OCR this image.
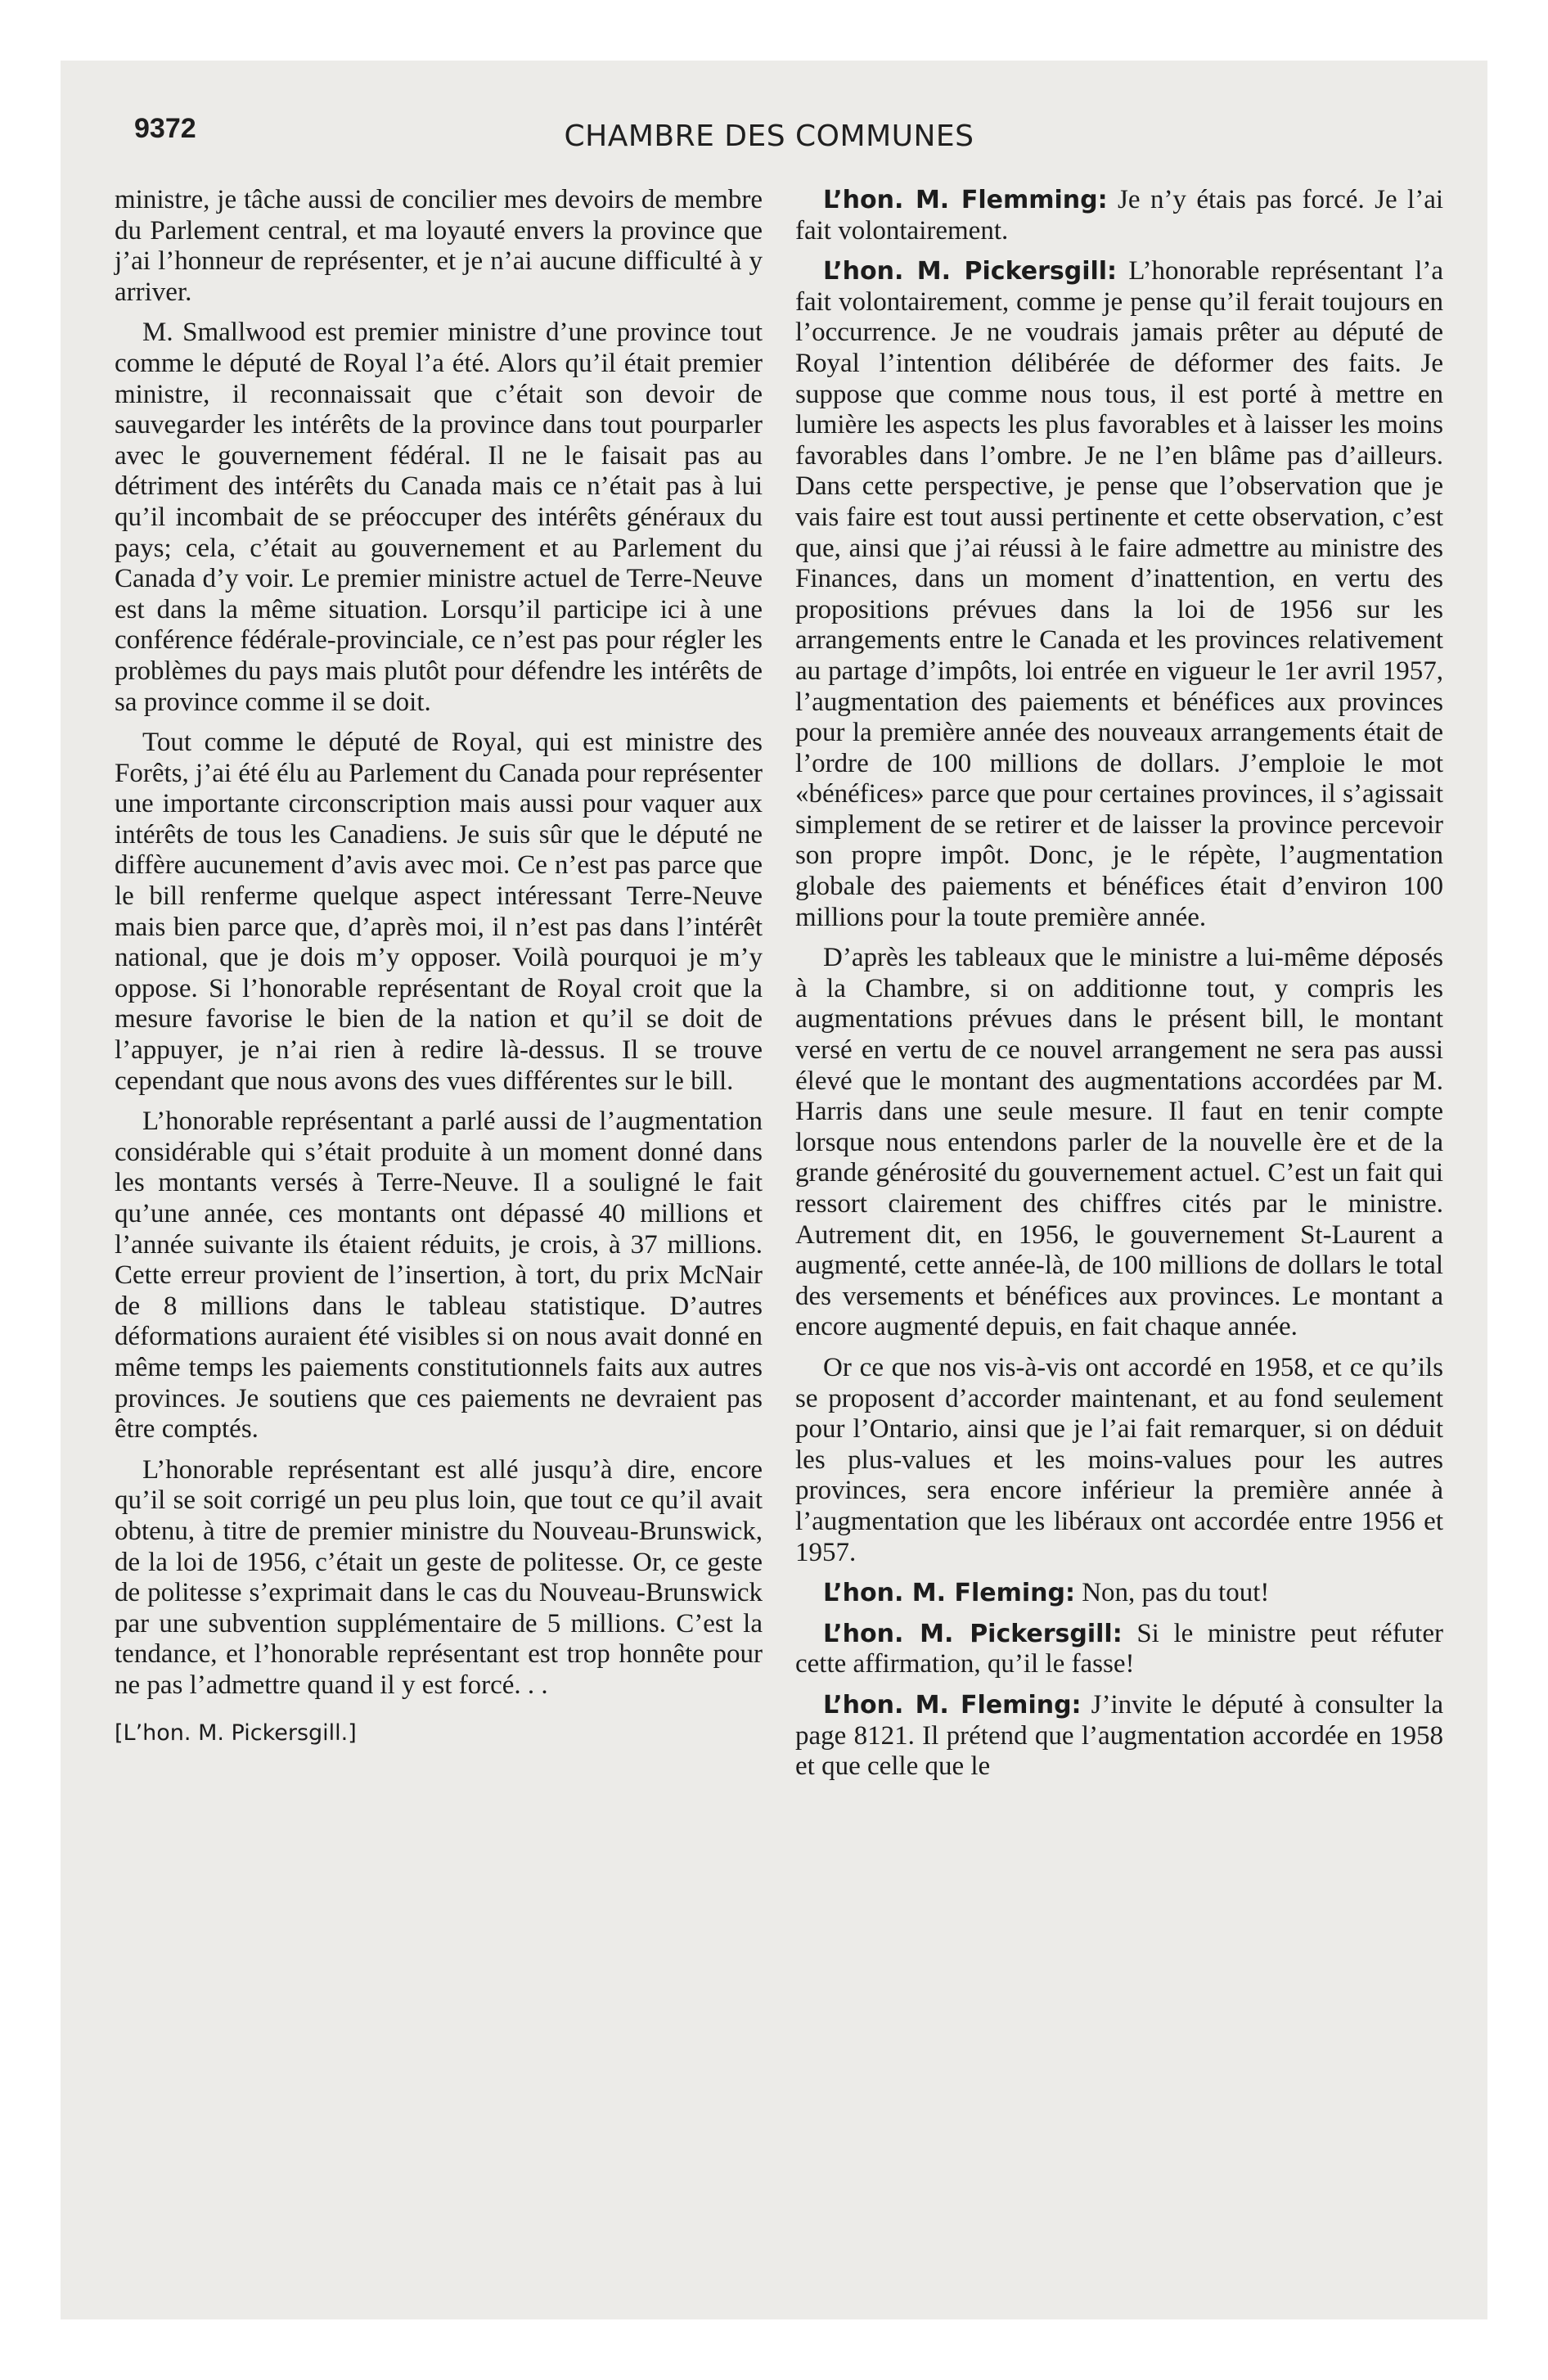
9372	CHAMBRE DES COMMUNES

ministre, je tâche aussi de concilier mes devoirs de membre du Parlement central, et ma loyauté envers la province que j’ai l’honneur de représenter, et je n’ai aucune difficulté à y arriver.

M. Smallwood est premier ministre d’une province tout comme le député de Royal l’a été. Alors qu’il était premier ministre, il reconnaissait que c’était son devoir de sauvegarder les intérêts de la province dans tout pourparler avec le gouvernement fédéral. Il ne le faisait pas au détriment des intérêts du Canada mais ce n’était pas à lui qu’il incombait de se préoccuper des intérêts généraux du pays; cela, c’était au gouvernement et au Parlement du Canada d’y voir. Le premier ministre actuel de Terre-Neuve est dans la même situation. Lorsqu’il participe ici à une conférence fédérale-provinciale, ce n’est pas pour régler les problèmes du pays mais plutôt pour défendre les intérêts de sa province comme il se doit.

Tout comme le député de Royal, qui est ministre des Forêts, j’ai été élu au Parlement du Canada pour représenter une importante circonscription mais aussi pour vaquer aux intérêts de tous les Canadiens. Je suis sûr que le député ne diffère aucunement d’avis avec moi. Ce n’est pas parce que le bill renferme quelque aspect intéressant Terre-Neuve mais bien parce que, d’après moi, il n’est pas dans l’intérêt national, que je dois m’y opposer. Voilà pourquoi je m’y oppose. Si l’honorable représentant de Royal croit que la mesure favorise le bien de la nation et qu’il se doit de l’appuyer, je n’ai rien à redire là-dessus. Il se trouve cependant que nous avons des vues différentes sur le bill.

L’honorable représentant a parlé aussi de l’augmentation considérable qui s’était produite à un moment donné dans les montants versés à Terre-Neuve. Il a souligné le fait qu’une année, ces montants ont dépassé 40 millions et l’année suivante ils étaient réduits, je crois, à 37 millions. Cette erreur provient de l’insertion, à tort, du prix McNair de 8 millions dans le tableau statistique. D’autres déformations auraient été visibles si on nous avait donné en même temps les paiements constitutionnels faits aux autres provinces. Je soutiens que ces paiements ne devraient pas être comptés.

L’honorable représentant est allé jusqu’à dire, encore qu’il se soit corrigé un peu plus loin, que tout ce qu’il avait obtenu, à titre de premier ministre du Nouveau-Brunswick, de la loi de 1956, c’était un geste de politesse. Or, ce geste de politesse s’exprimait dans le cas du Nouveau-Brunswick par une subvention supplémentaire de 5 millions. C’est la tendance, et l’honorable représentant est trop honnête pour ne pas l’admettre quand il y est forcé. . .

[L’hon. M. Pickersgill.]

L’hon. M. Flemming: Je n’y étais pas forcé. Je l’ai fait volontairement.

L’hon. M. Pickersgill: L’honorable représentant l’a fait volontairement, comme je pense qu’il ferait toujours en l’occurrence. Je ne voudrais jamais prêter au député de Royal l’intention délibérée de déformer des faits. Je suppose que comme nous tous, il est porté à mettre en lumière les aspects les plus favorables et à laisser les moins favorables dans l’ombre. Je ne l’en blâme pas d’ailleurs. Dans cette perspective, je pense que l’observation que je vais faire est tout aussi pertinente et cette observation, c’est que, ainsi que j’ai réussi à le faire admettre au ministre des Finances, dans un moment d’inattention, en vertu des propositions prévues dans la loi de 1956 sur les arrangements entre le Canada et les provinces relativement au partage d’impôts, loi entrée en vigueur le 1er avril 1957, l’augmentation des paiements et bénéfices aux provinces pour la première année des nouveaux arrangements était de l’ordre de 100 millions de dollars. J’emploie le mot «bénéfices» parce que pour certaines provinces, il s’agissait simplement de se retirer et de laisser la province percevoir son propre impôt. Donc, je le répète, l’augmentation globale des paiements et bénéfices était d’environ 100 millions pour la toute première année.

D’après les tableaux que le ministre a lui-même déposés à la Chambre, si on additionne tout, y compris les augmentations prévues dans le présent bill, le montant versé en vertu de ce nouvel arrangement ne sera pas aussi élevé que le montant des augmentations accordées par M. Harris dans une seule mesure. Il faut en tenir compte lorsque nous entendons parler de la nouvelle ère et de la grande générosité du gouvernement actuel. C’est un fait qui ressort clairement des chiffres cités par le ministre. Autrement dit, en 1956, le gouvernement St-Laurent a augmenté, cette année-là, de 100 millions de dollars le total des versements et bénéfices aux provinces. Le montant a encore augmenté depuis, en fait chaque année.

Or ce que nos vis-à-vis ont accordé en 1958, et ce qu’ils se proposent d’accorder maintenant, et au fond seulement pour l’Ontario, ainsi que je l’ai fait remarquer, si on déduit les plus-values et les moins-values pour les autres provinces, sera encore inférieur la première année à l’augmentation que les libéraux ont accordée entre 1956 et 1957.

L’hon. M. Fleming: Non, pas du tout!

L’hon. M. Pickersgill: Si le ministre peut réfuter cette affirmation, qu’il le fasse!

L’hon. M. Fleming: J’invite le député à consulter la page 8121. Il prétend que l’augmentation accordée en 1958 et que celle que le
